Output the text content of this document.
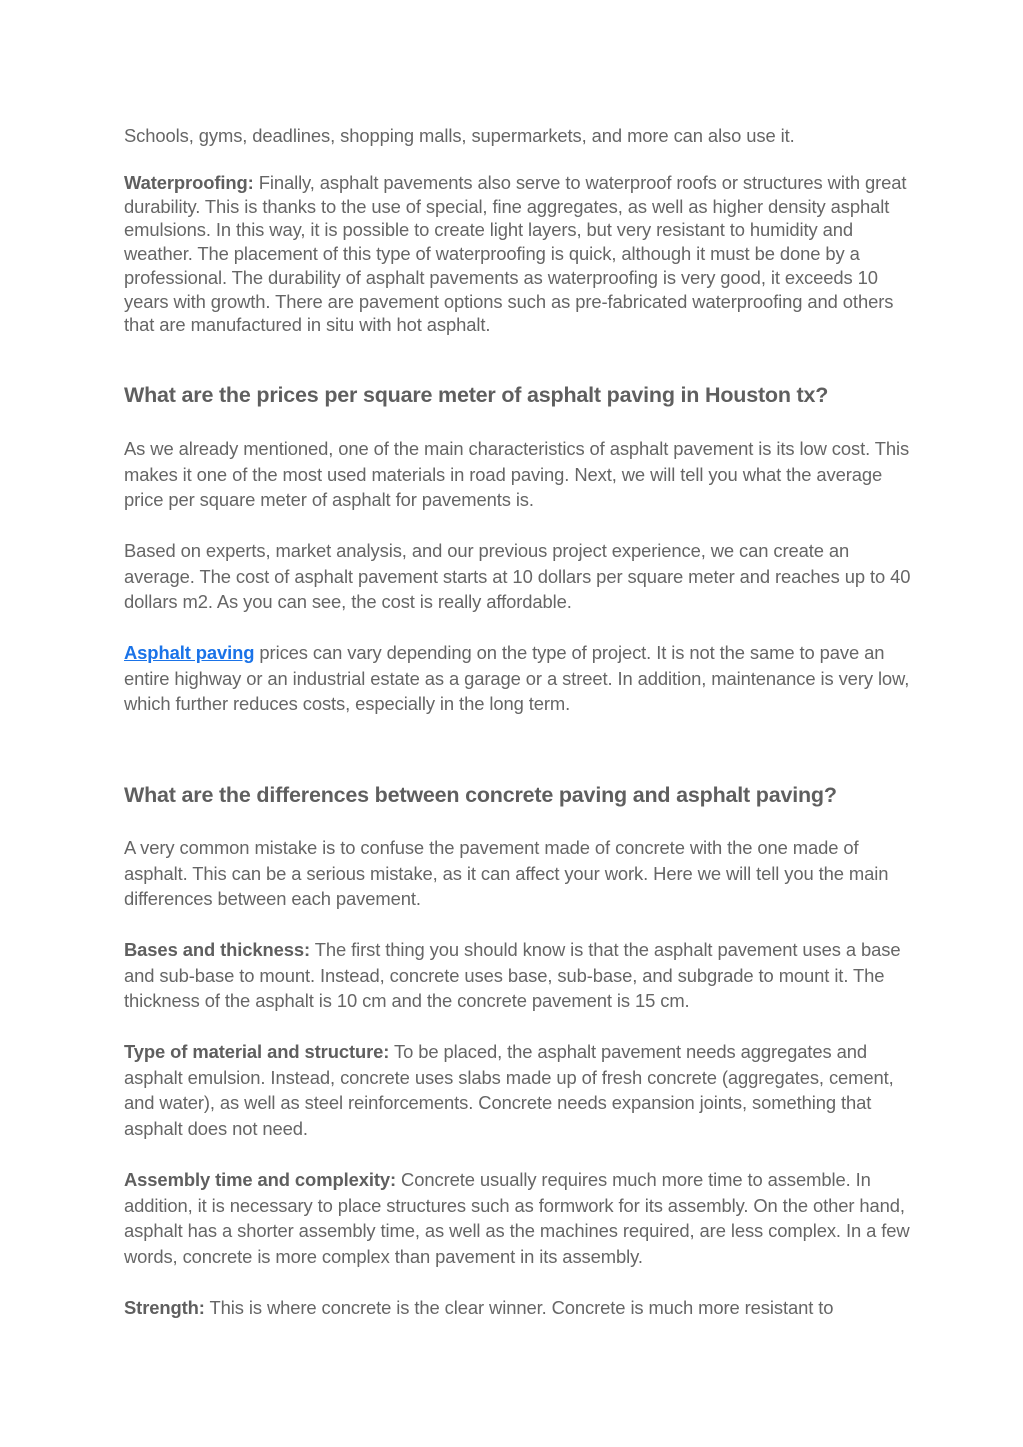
Schools, gyms, deadlines, shopping malls, supermarkets, and more can also use it.

Waterproofing: Finally, asphalt pavements also serve to waterproof roofs or structures with great durability. This is thanks to the use of special, fine aggregates, as well as higher density asphalt emulsions. In this way, it is possible to create light layers, but very resistant to humidity and weather. The placement of this type of waterproofing is quick, although it must be done by a professional. The durability of asphalt pavements as waterproofing is very good, it exceeds 10 years with growth. There are pavement options such as pre-fabricated waterproofing and others that are manufactured in situ with hot asphalt.

What are the prices per square meter of asphalt paving in Houston tx?

As we already mentioned, one of the main characteristics of asphalt pavement is its low cost. This makes it one of the most used materials in road paving. Next, we will tell you what the average price per square meter of asphalt for pavements is.

Based on experts, market analysis, and our previous project experience, we can create an average. The cost of asphalt pavement starts at 10 dollars per square meter and reaches up to 40 dollars m2. As you can see, the cost is really affordable.

Asphalt paving prices can vary depending on the type of project. It is not the same to pave an entire highway or an industrial estate as a garage or a street. In addition, maintenance is very low, which further reduces costs, especially in the long term.

What are the differences between concrete paving and asphalt paving?

A very common mistake is to confuse the pavement made of concrete with the one made of asphalt. This can be a serious mistake, as it can affect your work. Here we will tell you the main differences between each pavement.

Bases and thickness: The first thing you should know is that the asphalt pavement uses a base and sub-base to mount. Instead, concrete uses base, sub-base, and subgrade to mount it. The thickness of the asphalt is 10 cm and the concrete pavement is 15 cm.

Type of material and structure: To be placed, the asphalt pavement needs aggregates and asphalt emulsion. Instead, concrete uses slabs made up of fresh concrete (aggregates, cement, and water), as well as steel reinforcements. Concrete needs expansion joints, something that asphalt does not need.

Assembly time and complexity: Concrete usually requires much more time to assemble. In addition, it is necessary to place structures such as formwork for its assembly. On the other hand, asphalt has a shorter assembly time, as well as the machines required, are less complex. In a few words, concrete is more complex than pavement in its assembly.

Strength: This is where concrete is the clear winner. Concrete is much more resistant to
